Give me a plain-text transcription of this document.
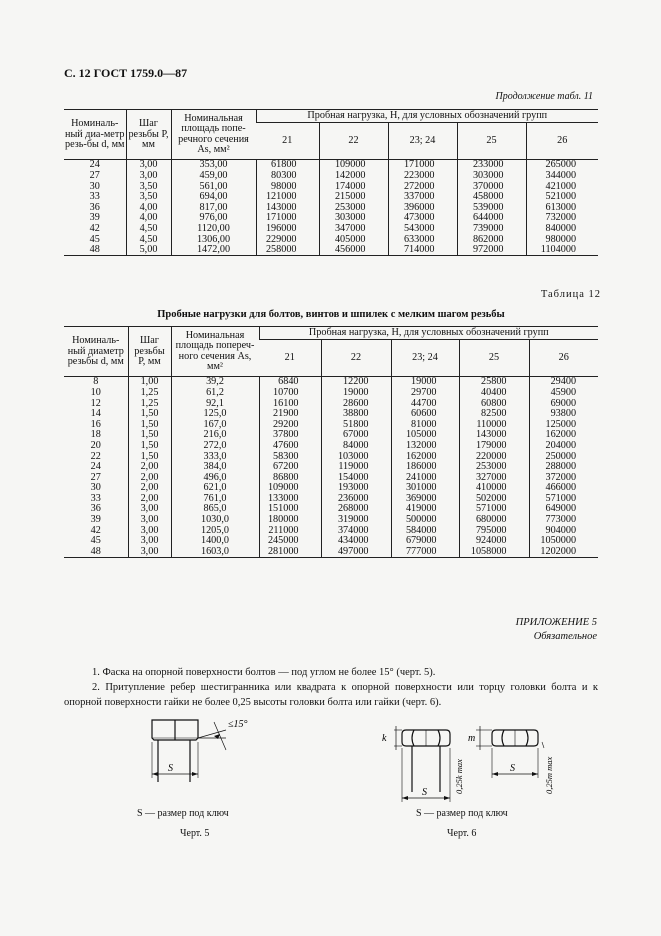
С. 12 ГОСТ 1759.0—87
Продолжение табл. 11
Номиналь-ный диа-метр резь-бы d, мм	Шаг резьбы P, мм	Номинальная площадь попе-речного сечения As, мм²	Пробная нагрузка, Н, для условных обозначений групп				
			21	22	23; 24	25	26
24	3,00	353,00	61800	109000	171000	233000	265000
27	3,00	459,00	80300	142000	223000	303000	344000
30	3,50	561,00	98000	174000	272000	370000	421000
33	3,50	694,00	121000	215000	337000	458000	521000
36	4,00	817,00	143000	253000	396000	539000	613000
39	4,00	976,00	171000	303000	473000	644000	732000
42	4,50	1120,00	196000	347000	543000	739000	840000
45	4,50	1306,00	229000	405000	633000	862000	980000
48	5,00	1472,00	258000	456000	714000	972000	1104000
Таблица 12
Пробные нагрузки для болтов, винтов и шпилек с мелким шагом резьбы
Номиналь-ный диаметр резьбы d, мм	Шаг резьбы P, мм	Номинальная площадь попереч-ного сечения As, мм²	Пробная нагрузка, Н, для условных обозначений групп				
			21	22	23; 24	25	26
8	1,00	39,2	6840	12200	19000	25800	29400
10	1,25	61,2	10700	19000	29700	40400	45900
12	1,25	92,1	16100	28600	44700	60800	69000
14	1,50	125,0	21900	38800	60600	82500	93800
16	1,50	167,0	29200	51800	81000	110000	125000
18	1,50	216,0	37800	67000	105000	143000	162000
20	1,50	272,0	47600	84000	132000	179000	204000
22	1,50	333,0	58300	103000	162000	220000	250000
24	2,00	384,0	67200	119000	186000	253000	288000
27	2,00	496,0	86800	154000	241000	327000	372000
30	2,00	621,0	109000	193000	301000	410000	466000
33	2,00	761,0	133000	236000	369000	502000	571000
36	3,00	865,0	151000	268000	419000	571000	649000
39	3,00	1030,0	180000	319000	500000	680000	773000
42	3,00	1205,0	211000	374000	584000	795000	904000
45	3,00	1400,0	245000	434000	679000	924000	1050000
48	3,00	1603,0	281000	497000	777000	1058000	1202000
ПРИЛОЖЕНИЕ 5
Обязательное
1. Фаска на опорной поверхности болтов — под углом не более 15° (черт. 5).
2. Притупление ребер шестигранника или квадрата к опорной поверхности или торцу головки болта и к опорной поверхности гайки не более 0,25 высоты головки болта или гайки (черт. 6).
≤15°
S
S — размер под ключ
Черт. 5
k	m
0,25k max	0,25m max
S
S
S — размер под ключ
Черт. 6
